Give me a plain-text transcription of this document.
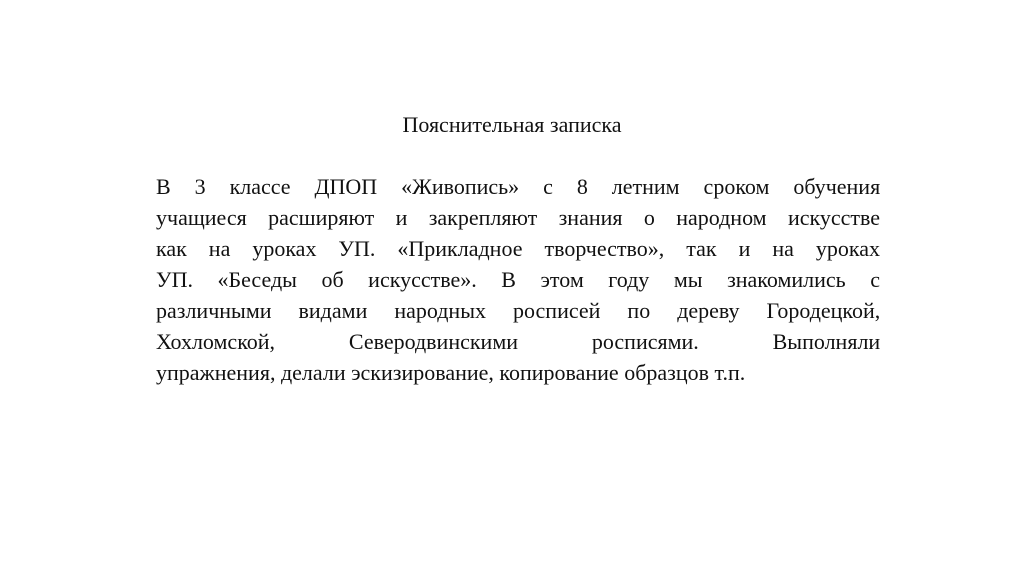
Пояснительная записка
В 3 классе ДПОП «Живопись» с 8 летним сроком обучения
учащиеся расширяют и закрепляют знания о народном искусстве
как на уроках УП. «Прикладное творчество», так и на уроках
УП. «Беседы об искусстве». В этом году мы знакомились с
различными видами народных росписей по дереву Городецкой,
Хохломской, Северодвинскими росписями. Выполняли
упражнения, делали эскизирование, копирование образцов т.п.
